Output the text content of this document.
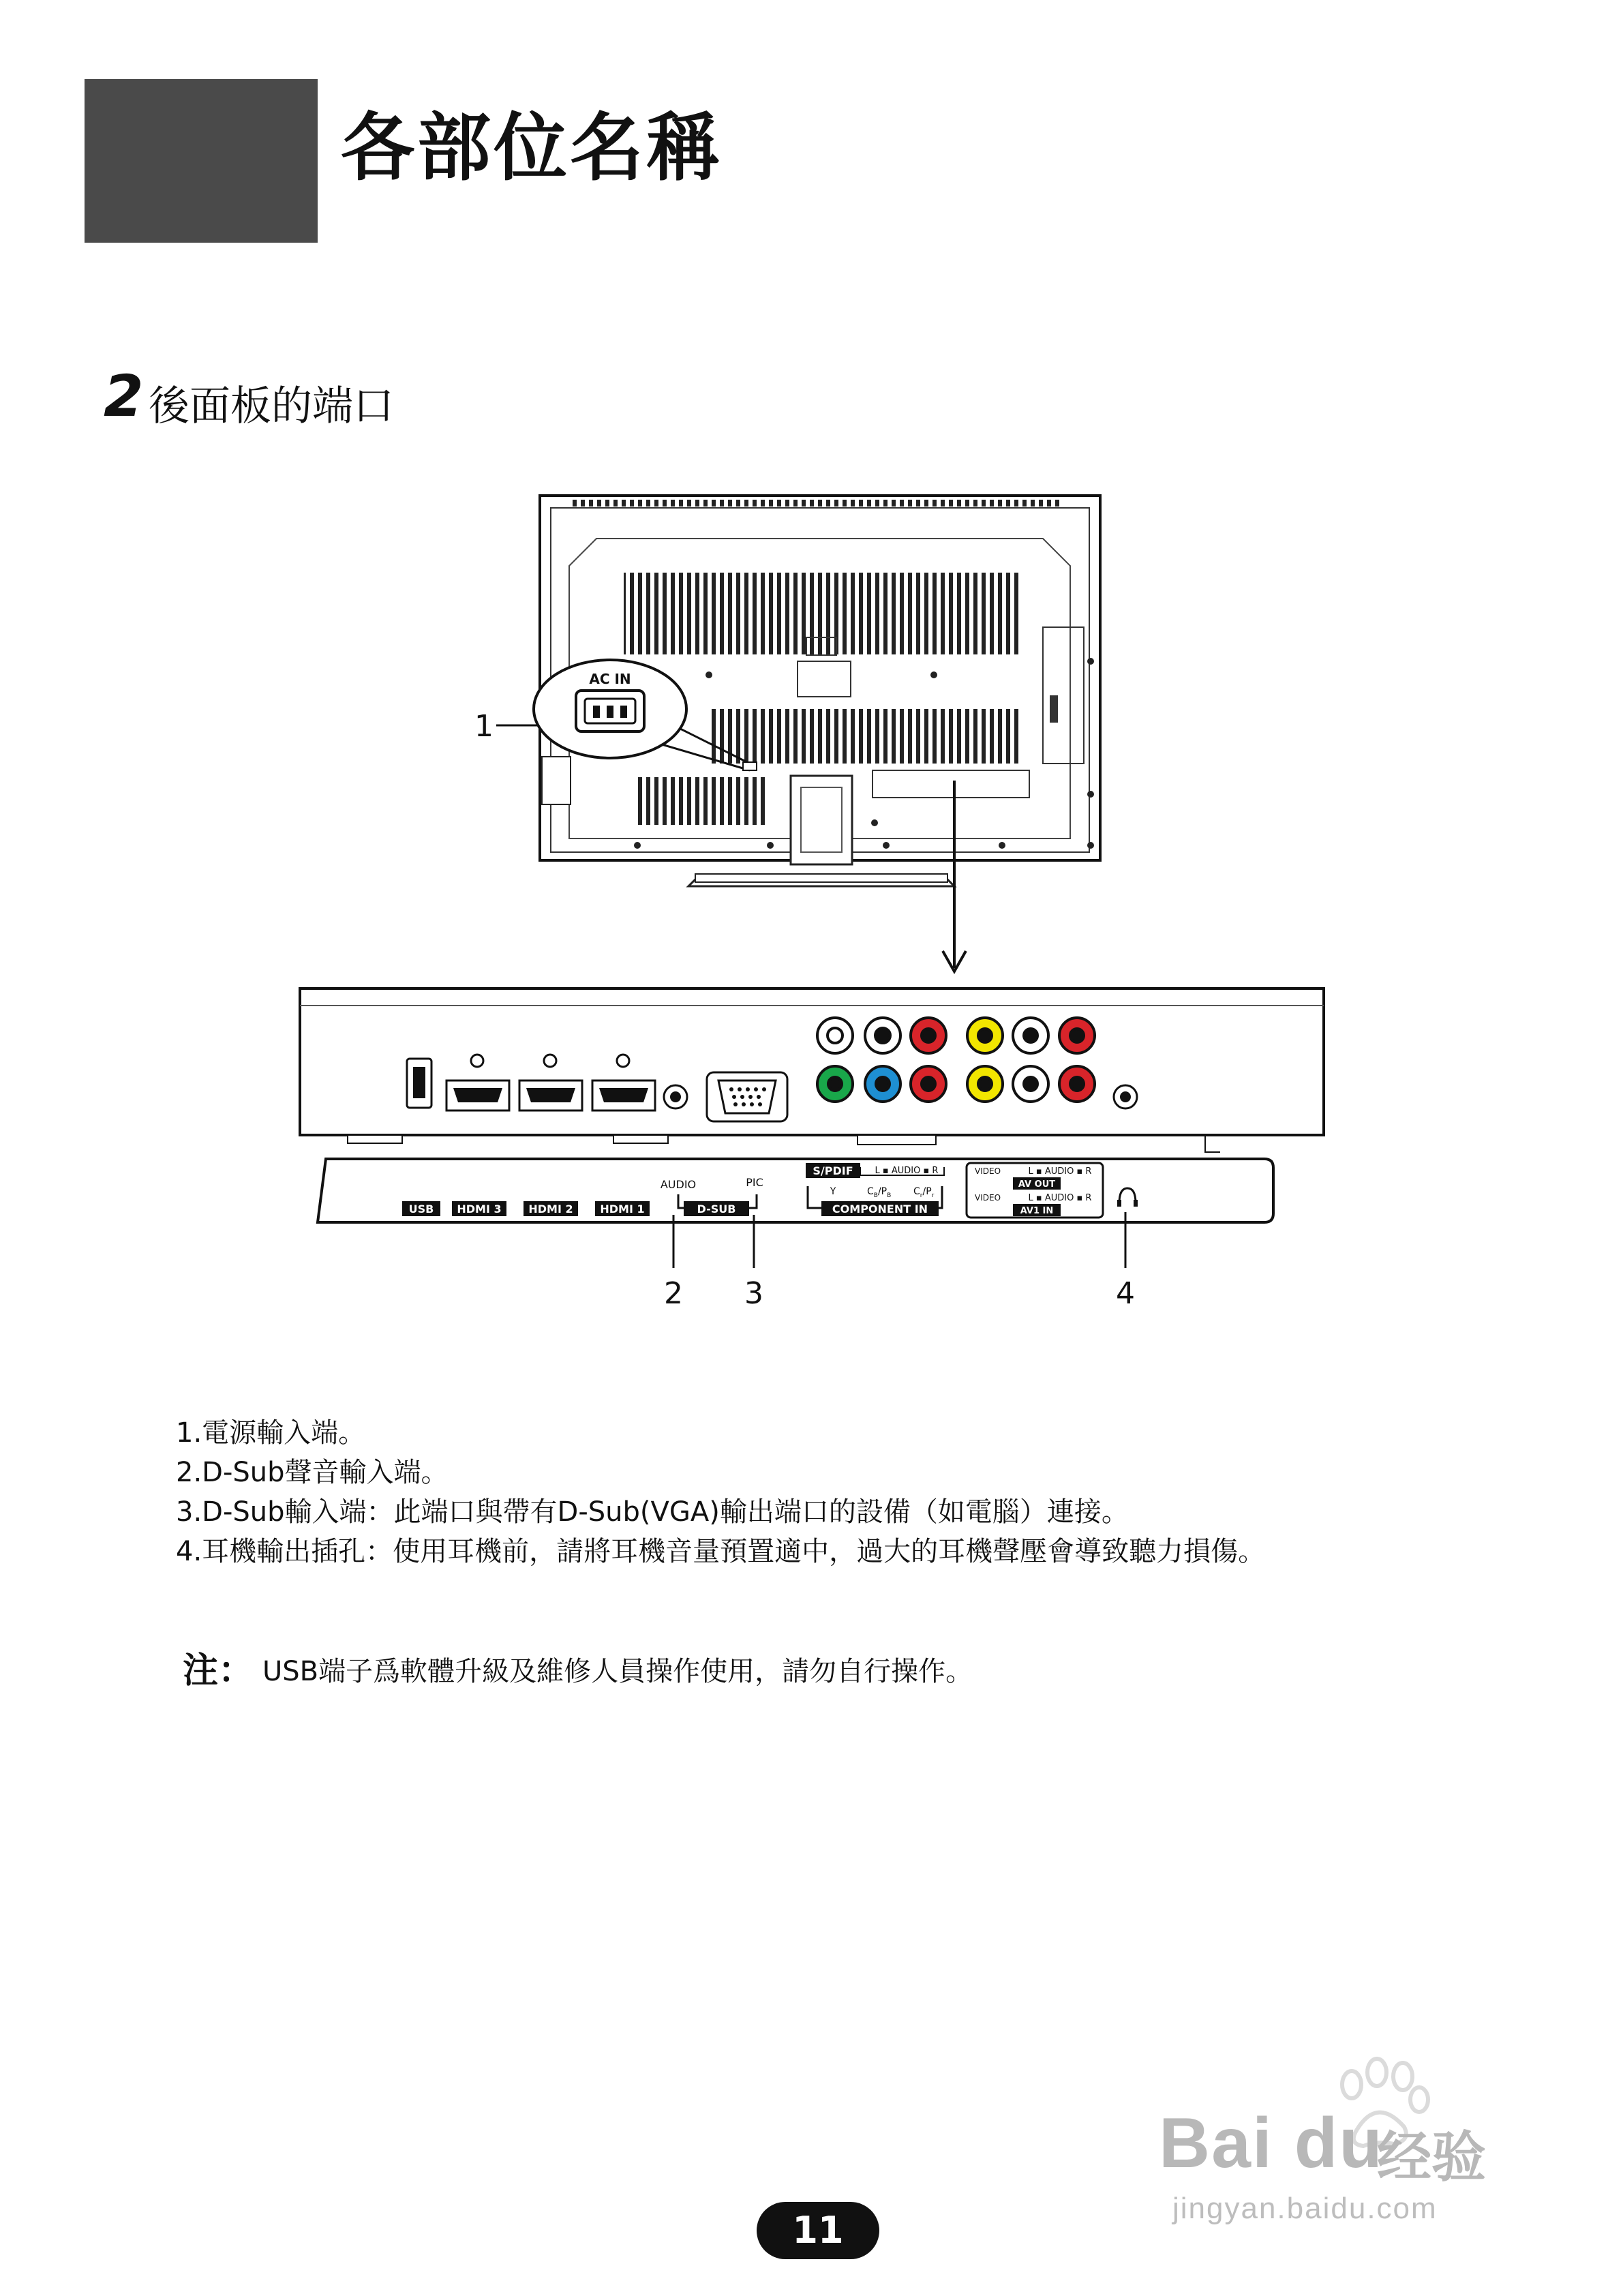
各部位名稱
2 後面板的端口
AC IN
1
USB HDMI 3 HDMI 2 HDMI 1
AUDIO	PIC
D-SUB
S/PDIF L ▪ AUDIO ▪ R
Y	$C_B/P_B$ $C_r/P_r$
COMPONENT IN
VIDEO	L ▪ AUDIO ▪ R
AV OUT
VIDEO	L ▪ AUDIO ▪ R
AV1 IN
2 3	4
1.電源輸入端。
2.D-Sub聲音輸入端。
3.D-Sub輸入端：此端口與帶有D-Sub(VGA)輸出端口的設備（如電腦）連接。
4.耳機輸出插孔：使用耳機前，請將耳機音量預置適中，過大的耳機聲壓會導致聽力損傷。
注： USB端子爲軟體升級及維修人員操作使用，請勿自行操作。
Bai du
经验
jingyan.baidu.com
11
